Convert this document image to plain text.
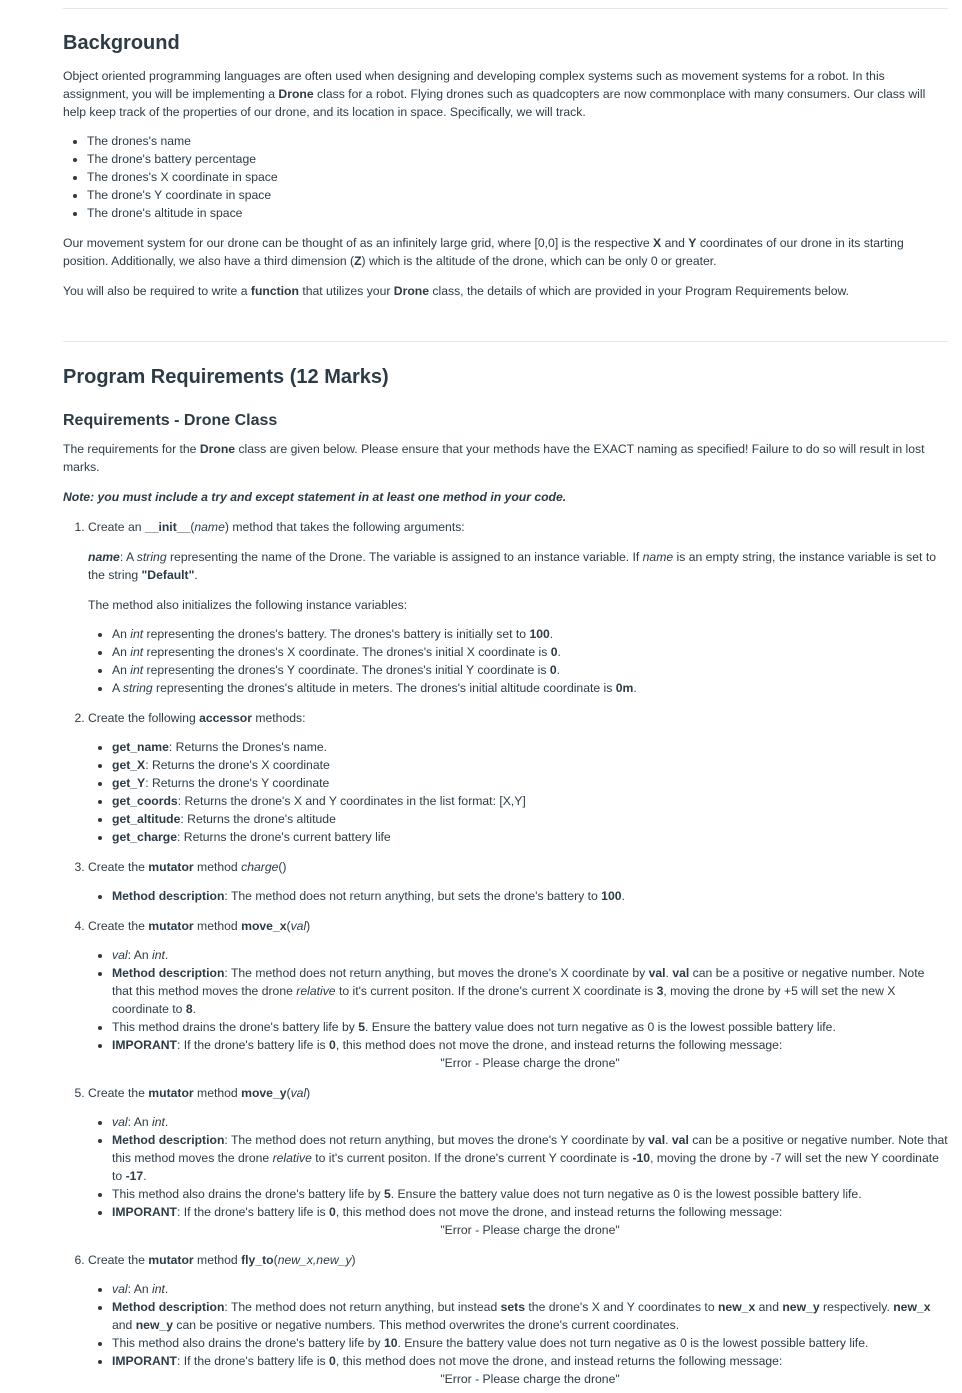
Background

Object oriented programming languages are often used when designing and developing complex systems such as movement systems for a robot. In this assignment, you will be implementing a Drone class for a robot. Flying drones such as quadcopters are now commonplace with many consumers. Our class will help keep track of the properties of our drone, and its location in space. Specifically, we will track.

• The drones's name
• The drone's battery percentage
• The drones's X coordinate in space
• The drone's Y coordinate in space
• The drone's altitude in space

Our movement system for our drone can be thought of as an infinitely large grid, where [0,0] is the respective X and Y coordinates of our drone in its starting position. Additionally, we also have a third dimension (Z) which is the altitude of the drone, which can be only 0 or greater.

You will also be required to write a function that utilizes your Drone class, the details of which are provided in your Program Requirements below.

Program Requirements (12 Marks)
Requirements - Drone Class

The requirements for the Drone class are given below. Please ensure that your methods have the EXACT naming as specified! Failure to do so will result in lost marks.

Note: you must include a try and except statement in at least one method in your code.

1. Create an __init__(name) method that takes the following arguments:

name: A string representing the name of the Drone. The variable is assigned to an instance variable. If name is an empty string, the instance variable is set to the string "Default".

The method also initializes the following instance variables:

• An int representing the drones's battery. The drones's battery is initially set to 100.
• An int representing the drones's X coordinate. The drones's initial X coordinate is 0.
• An int representing the drones's Y coordinate. The drones's initial Y coordinate is 0.
• A string representing the drones's altitude in meters. The drones's initial altitude coordinate is 0m.
2. Create the following accessor methods:
• get_name: Returns the Drones's name.
• get_X: Returns the drone's X coordinate
• get_Y: Returns the drone's Y coordinate
• get_coords: Returns the drone's X and Y coordinates in the list format: [X,Y]
• get_altitude: Returns the drone's altitude
• get_charge: Returns the drone's current battery life
3. Create the mutator method charge()
• Method description: The method does not return anything, but sets the drone's battery to 100.
4. Create the mutator method move_x(val)
• val: An int.
• Method description: The method does not return anything, but moves the drone's X coordinate by val. val can be a positive or negative number. Note that this method moves the drone relative to it's current positon. If the drone's current X coordinate is 3, moving the drone by +5 will set the new X coordinate to 8.
• This method drains the drone's battery life by 5. Ensure the battery value does not turn negative as 0 is the lowest possible battery life.
• IMPORANT: If the drone's battery life is 0, this method does not move the drone, and instead returns the following message:
"Error - Please charge the drone"
5. Create the mutator method move_y(val)
• val: An int.
• Method description: The method does not return anything, but moves the drone's Y coordinate by val. val can be a positive or negative number. Note that this method moves the drone relative to it's current positon. If the drone's current Y coordinate is -10, moving the drone by -7 will set the new Y coordinate to -17.
• This method also drains the drone's battery life by 5. Ensure the battery value does not turn negative as 0 is the lowest possible battery life.
• IMPORANT: If the drone's battery life is 0, this method does not move the drone, and instead returns the following message:
"Error - Please charge the drone"
6. Create the mutator method fly_to(new_x,new_y)
• val: An int.
• Method description: The method does not return anything, but instead sets the drone's X and Y coordinates to new_x and new_y respectively. new_x and new_y can be positive or negative numbers. This method overwrites the drone's current coordinates.
• This method also drains the drone's battery life by 10. Ensure the battery value does not turn negative as 0 is the lowest possible battery life.
• IMPORANT: If the drone's battery life is 0, this method does not move the drone, and instead returns the following message:
"Error - Please charge the drone"
